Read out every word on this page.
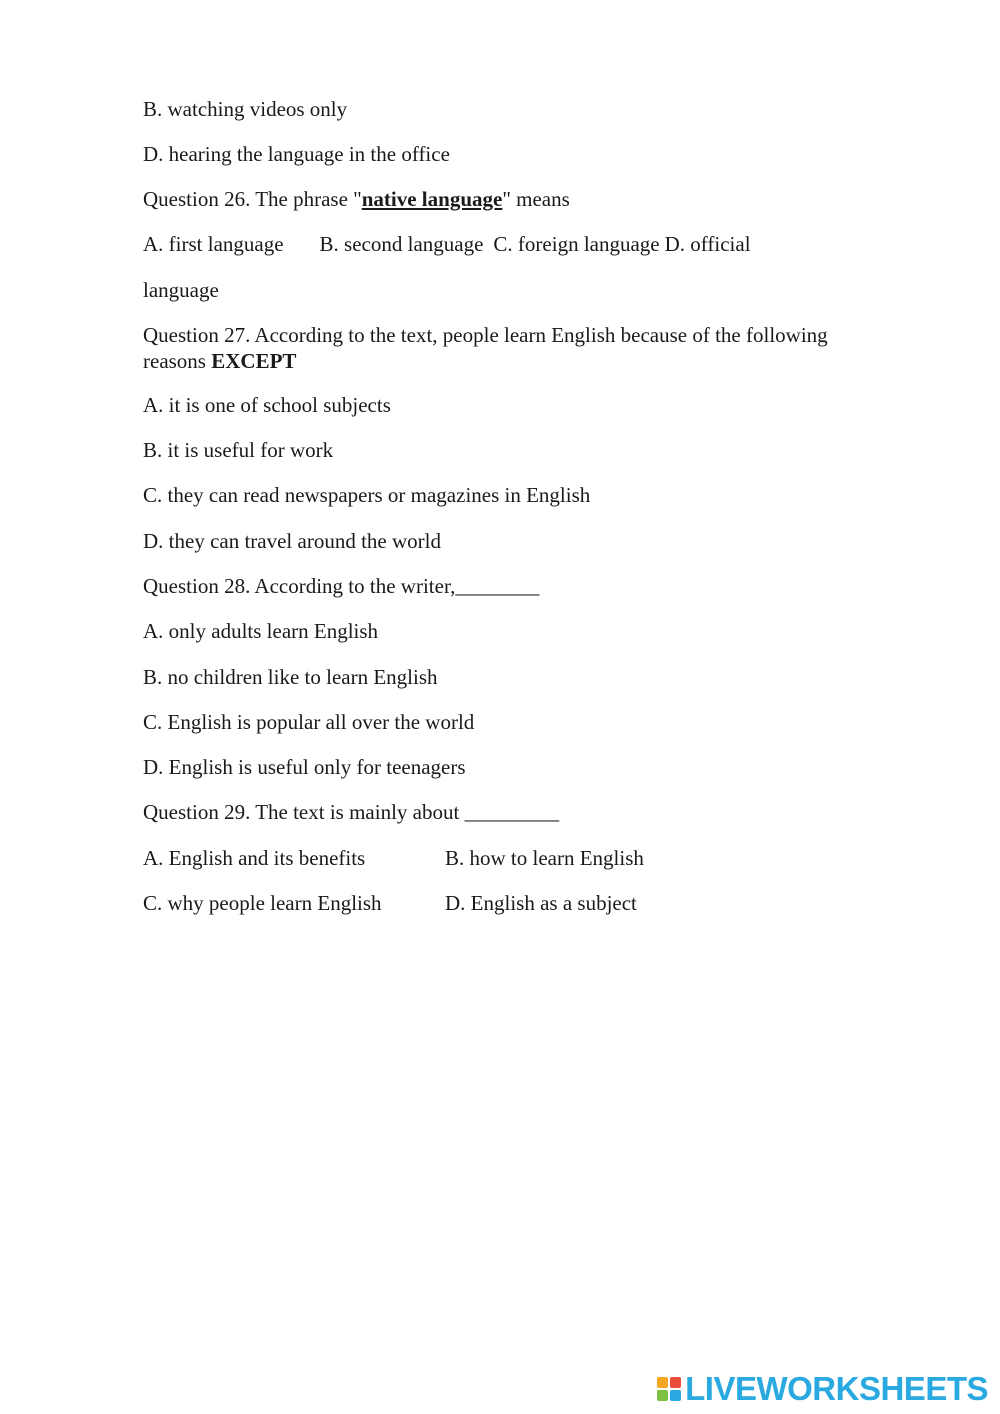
B. watching videos only
D. hearing the language in the office
Question 26. The phrase "native language" means
A. first language B. second language C. foreign language D. official
language
Question 27. According to the text, people learn English because of the following reasons EXCEPT
A. it is one of school subjects
B. it is useful for work
C. they can read newspapers or magazines in English
D. they can travel around the world
Question 28. According to the writer,________
A. only adults learn English
B. no children like to learn English
C. English is popular all over the world
D. English is useful only for teenagers
Question 29. The text is mainly about _________
A. English and its benefits	B. how to learn English
C. why people learn English	D. English as a subject
LIVEWORKSHEETS
